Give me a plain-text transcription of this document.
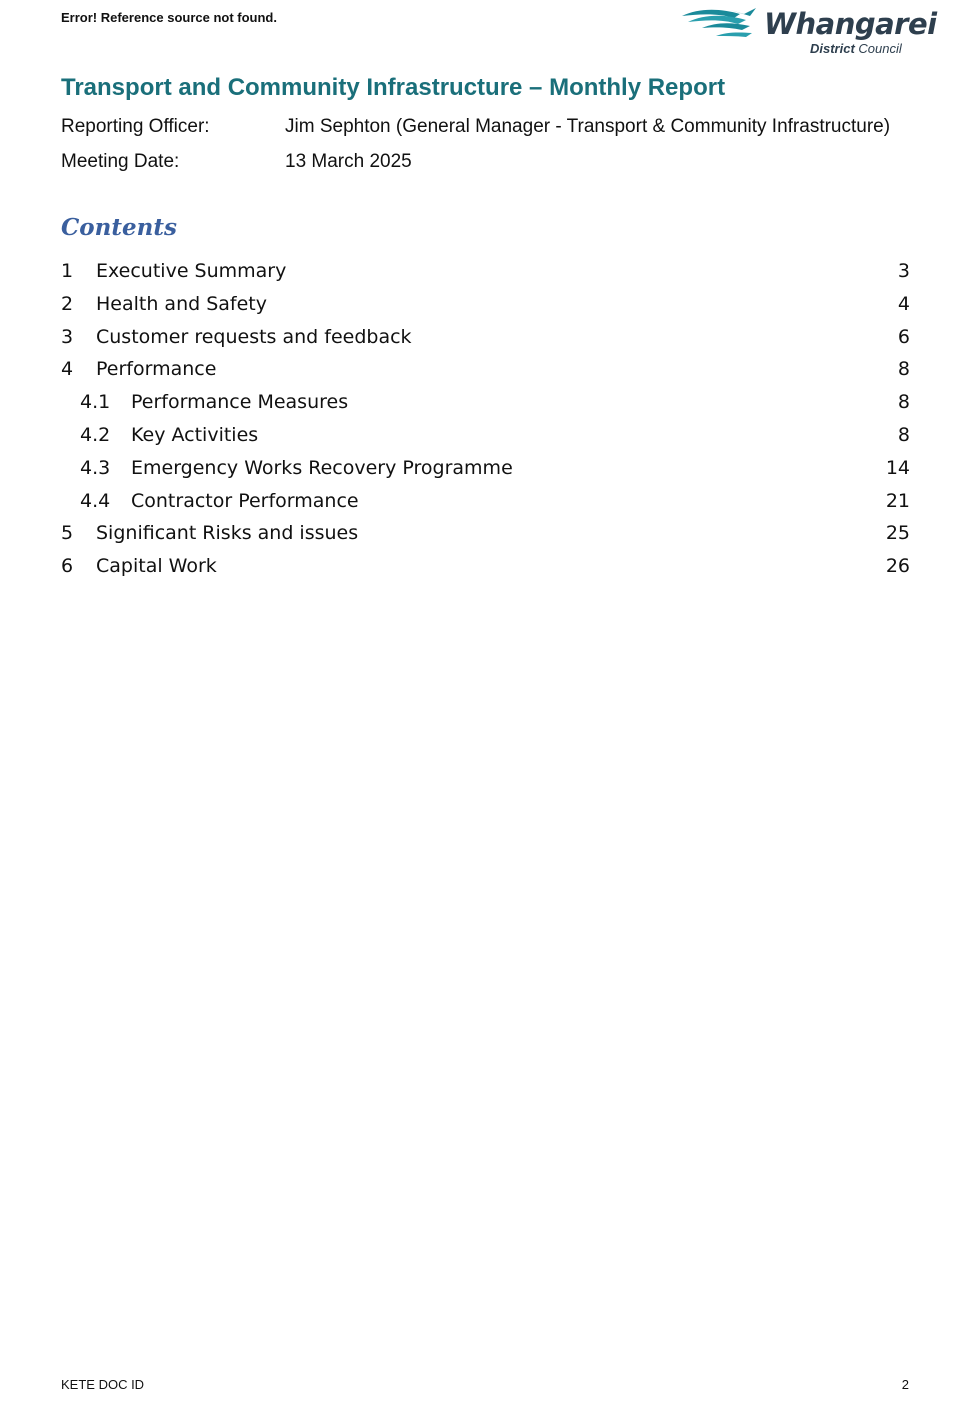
Error! Reference source not found.	Whangarei
District Council
Transport and Community Infrastructure – Monthly Report
Reporting Officer:	Jim Sephton (General Manager - Transport & Community Infrastructure)
Meeting Date:	13 March 2025
Contents
1 Executive Summary	3
2 Health and Safety	4
3 Customer requests and feedback	6
4 Performance	8
4.1 Performance Measures	8
4.2 Key Activities	8
4.3 Emergency Works Recovery Programme	14
4.4 Contractor Performance	21
5 Significant Risks and issues	25
6 Capital Work	26
KETE DOC ID	2
